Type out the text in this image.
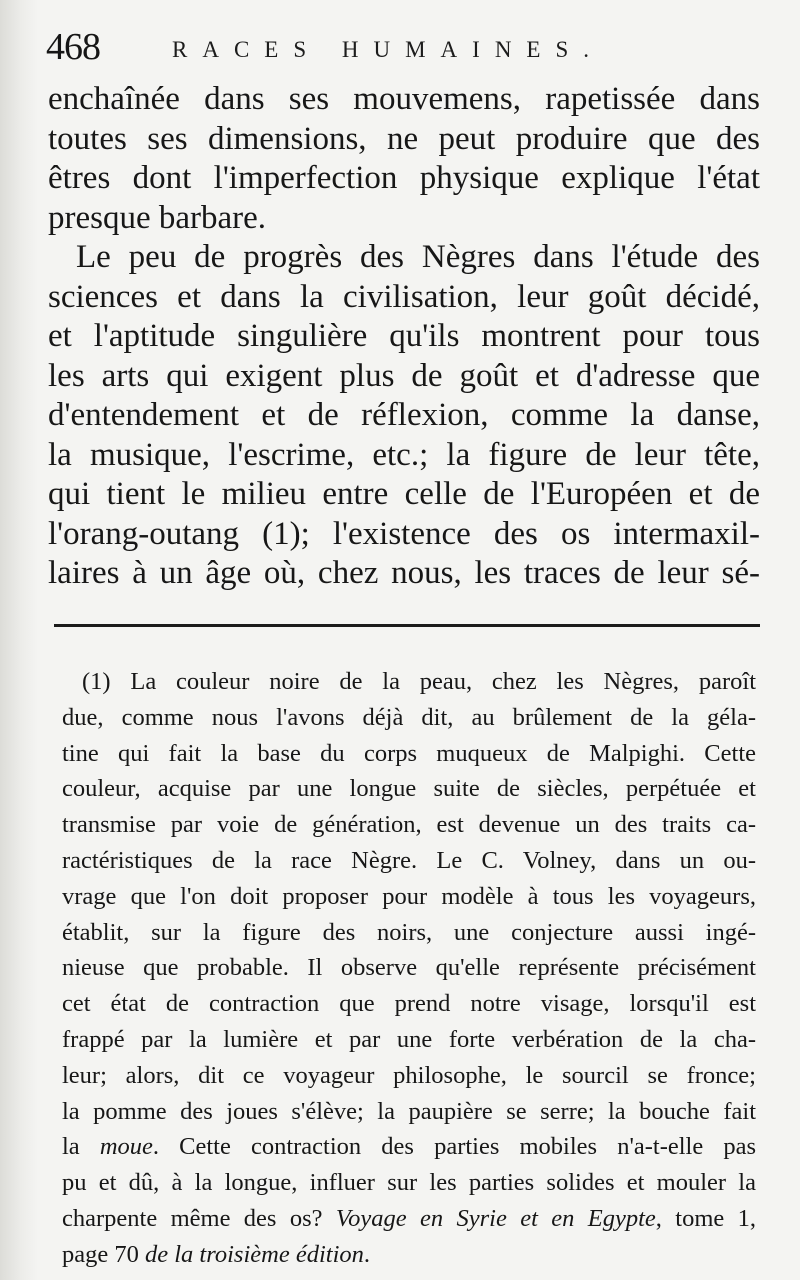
468	RACES HUMAINES.

enchaînée dans ses mouvemens, rapetissée dans

toutes ses dimensions, ne peut produire que des

êtres dont l'imperfection physique explique l'état

presque barbare.

Le peu de progrès des Nègres dans l'étude des

sciences et dans la civilisation, leur goût décidé,

et l'aptitude singulière qu'ils montrent pour tous

les arts qui exigent plus de goût et d'adresse que

d'entendement et de réflexion, comme la danse,

la musique, l'escrime, etc.; la figure de leur tête,

qui tient le milieu entre celle de l'Européen et de

l'orang-outang (1); l'existence des os intermaxil-

laires à un âge où, chez nous, les traces de leur sé-

(1) La couleur noire de la peau, chez les Nègres, paroît

due, comme nous l'avons déjà dit, au brûlement de la géla-

tine qui fait la base du corps muqueux de Malpighi. Cette

couleur, acquise par une longue suite de siècles, perpétuée et

transmise par voie de génération, est devenue un des traits ca-

ractéristiques de la race Nègre. Le C. Volney, dans un ou-

vrage que l'on doit proposer pour modèle à tous les voyageurs,

établit, sur la figure des noirs, une conjecture aussi ingé-

nieuse que probable. Il observe qu'elle représente précisément

cet état de contraction que prend notre visage, lorsqu'il est

frappé par la lumière et par une forte verbération de la cha-

leur; alors, dit ce voyageur philosophe, le sourcil se fronce;

la pomme des joues s'élève; la paupière se serre; la bouche fait

la moue. Cette contraction des parties mobiles n'a-t-elle pas

pu et dû, à la longue, influer sur les parties solides et mouler la

charpente même des os? Voyage en Syrie et en Egypte, tome 1,

page 70 de la troisième édition.
